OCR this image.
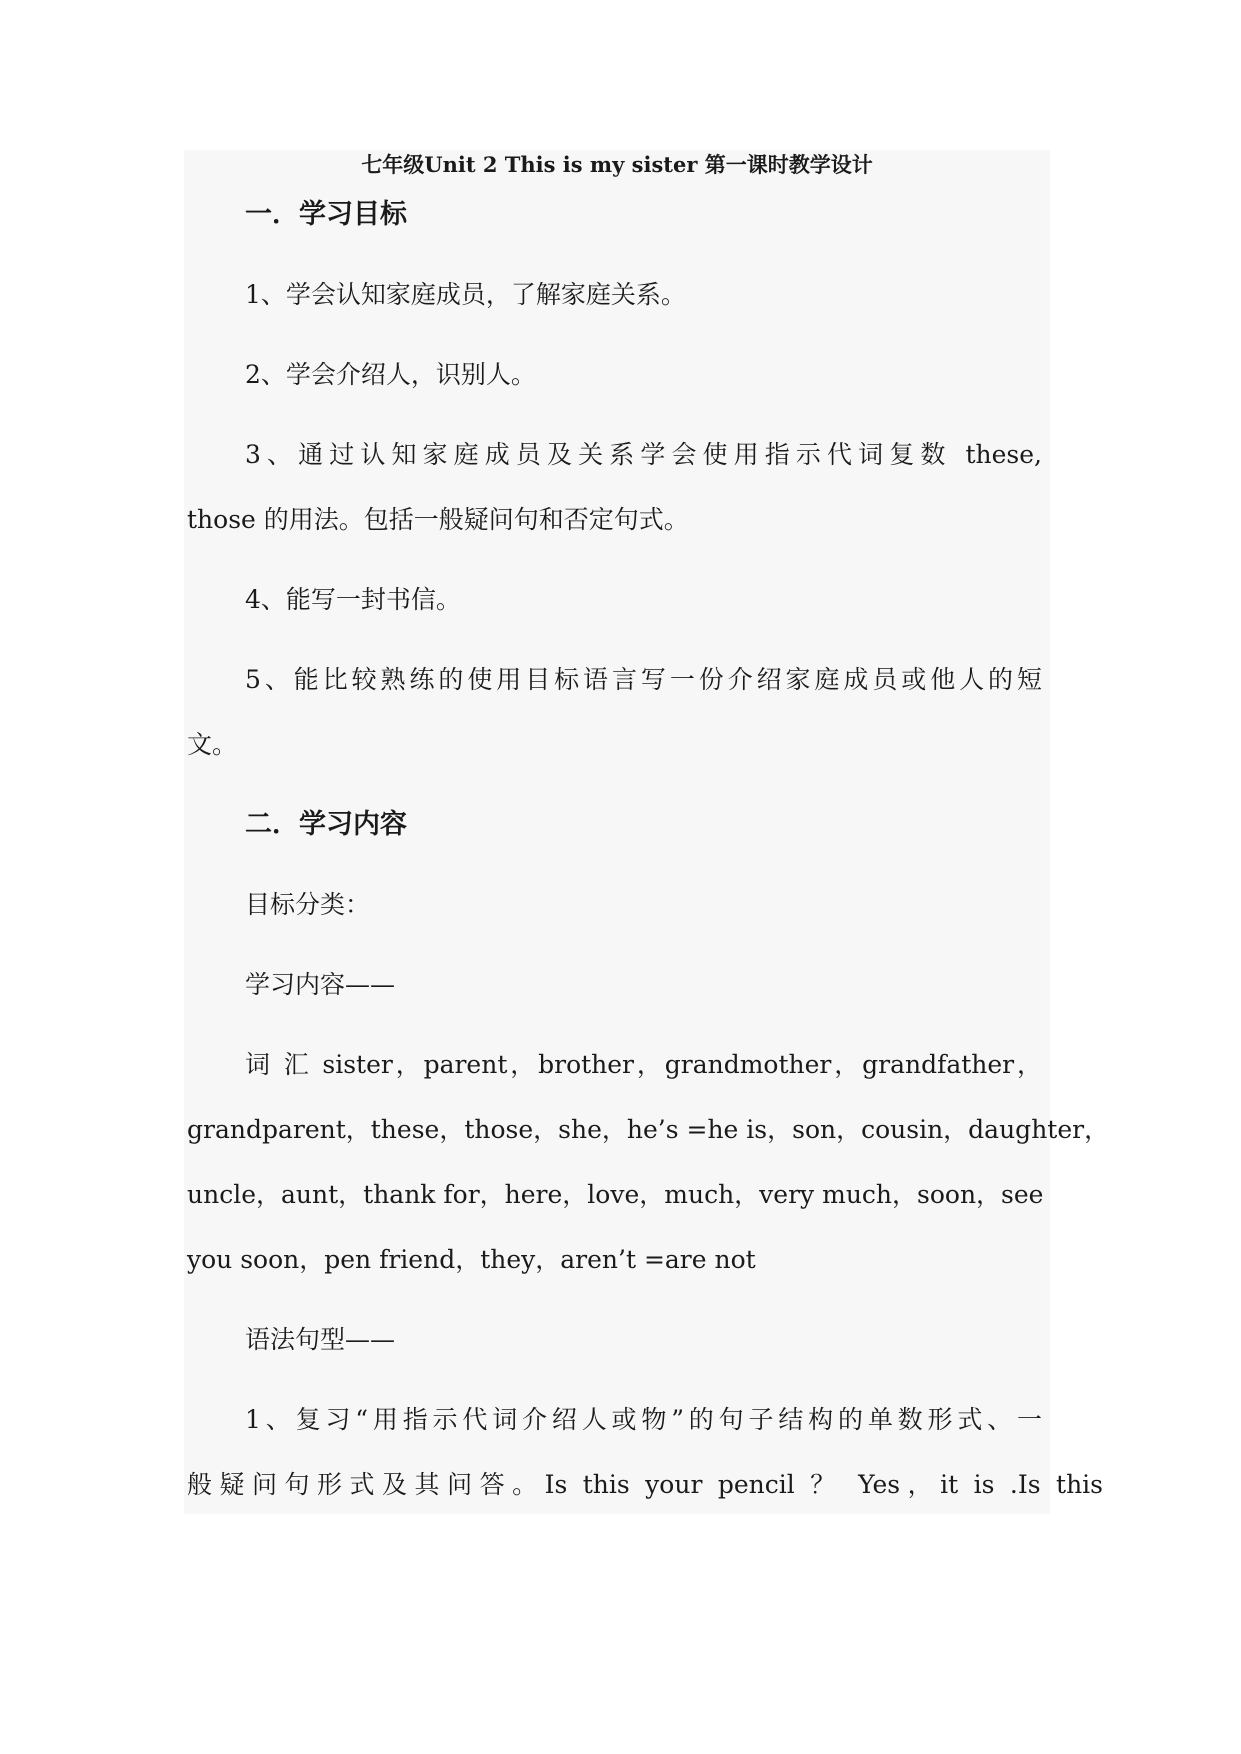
七年级Unit 2 This is my sister 第一课时教学设计
一．学习目标
1、学会认知家庭成员，了解家庭关系。
2、学会介绍人，识别人。
3、通过认知家庭成员及关系学会使用指示代词复数 these,
those 的用法。包括一般疑问句和否定句式。
4、能写一封书信。
5、能比较熟练的使用目标语言写一份介绍家庭成员或他人的短
文。
二．学习内容
目标分类：
学习内容——
词 汇 sister，parent，brother，grandmother，grandfather，
grandparent，these，those，she，he’s =he is，son，cousin，daughter，
uncle，aunt，thank for，here，love，much，very much，soon，see
you soon，pen friend，they，aren’t =are not
语法句型——
1、复习“用指示代词介绍人或物”的句子结构的单数形式、一
般疑问句形式及其问答。Is this your pencil ？ Yes，it is .Is this
